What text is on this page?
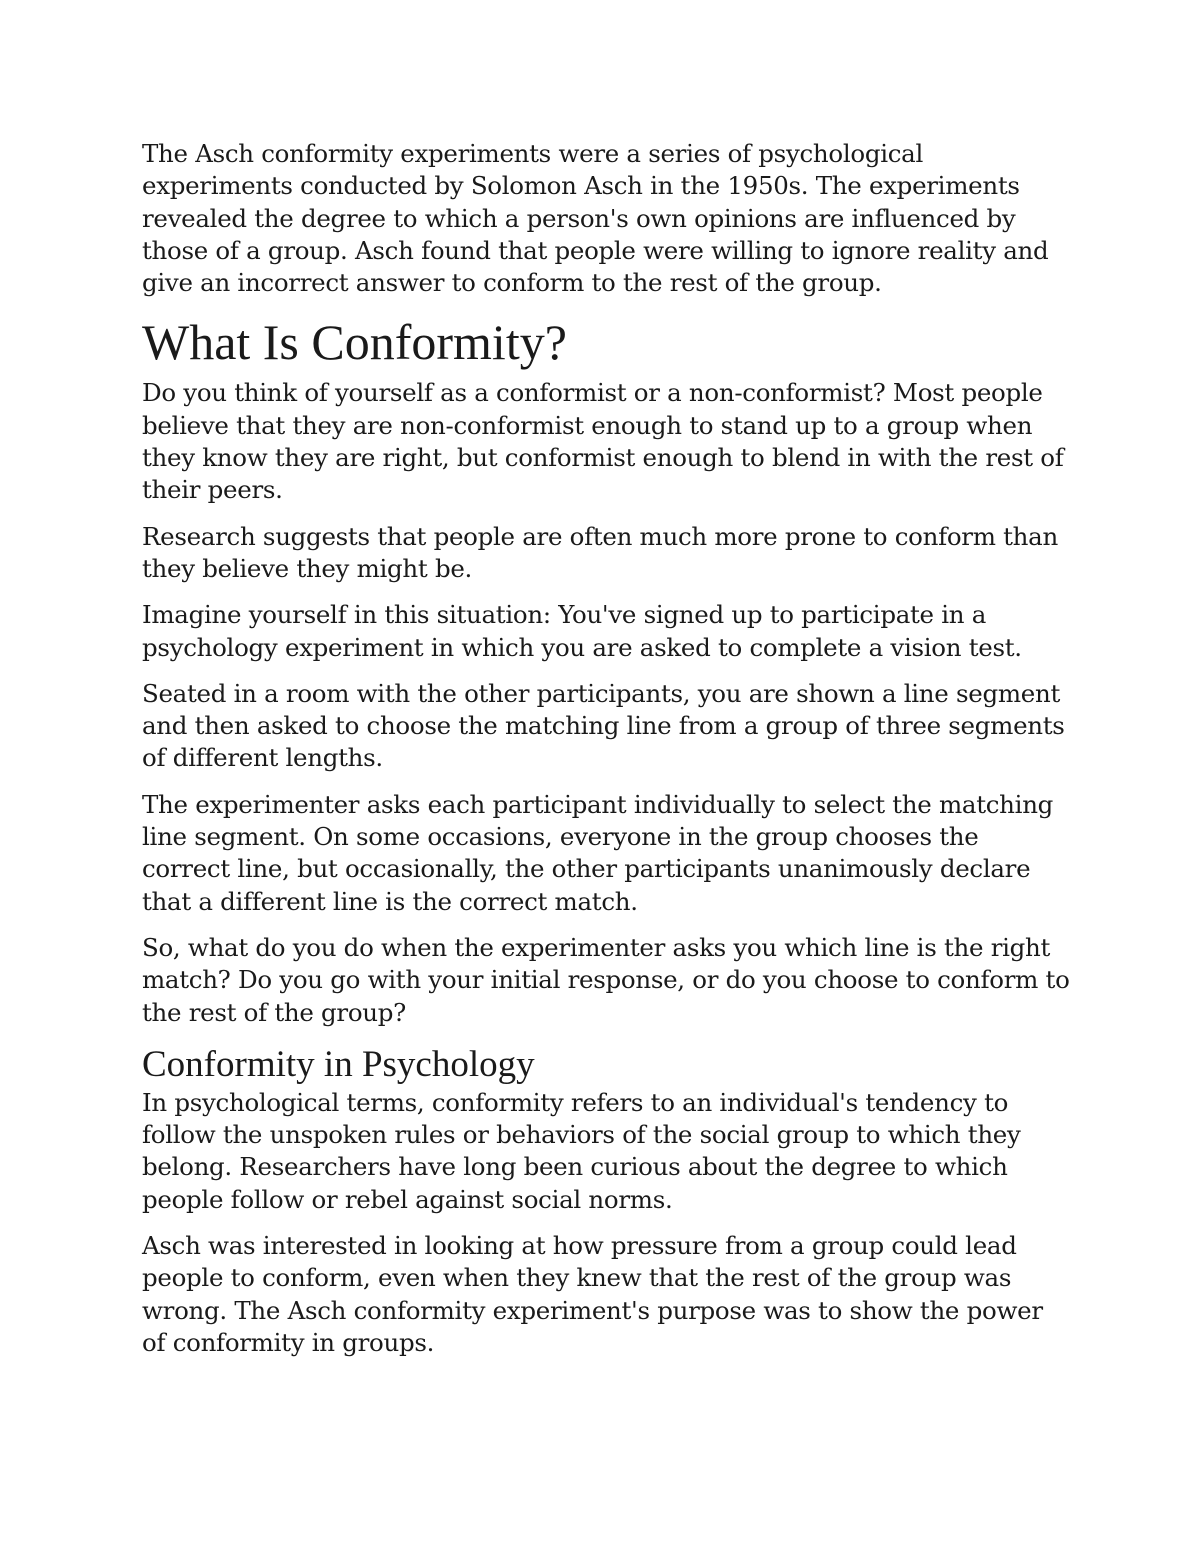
The Asch conformity experiments were a series of psychological experiments conducted by Solomon Asch in the 1950s. The experiments revealed the degree to which a person's own opinions are influenced by those of a group. Asch found that people were willing to ignore reality and give an incorrect answer to conform to the rest of the group.

What Is Conformity?

Do you think of yourself as a conformist or a non-conformist? Most people believe that they are non-conformist enough to stand up to a group when they know they are right, but conformist enough to blend in with the rest of their peers.

Research suggests that people are often much more prone to conform than they believe they might be.

Imagine yourself in this situation: You've signed up to participate in a psychology experiment in which you are asked to complete a vision test.

Seated in a room with the other participants, you are shown a line segment and then asked to choose the matching line from a group of three segments of different lengths.

The experimenter asks each participant individually to select the matching line segment. On some occasions, everyone in the group chooses the correct line, but occasionally, the other participants unanimously declare that a different line is the correct match.

So, what do you do when the experimenter asks you which line is the right match? Do you go with your initial response, or do you choose to conform to the rest of the group?

Conformity in Psychology

In psychological terms, conformity refers to an individual's tendency to follow the unspoken rules or behaviors of the social group to which they belong. Researchers have long been curious about the degree to which people follow or rebel against social norms.

Asch was interested in looking at how pressure from a group could lead people to conform, even when they knew that the rest of the group was wrong. The Asch conformity experiment's purpose was to show the power of conformity in groups.
